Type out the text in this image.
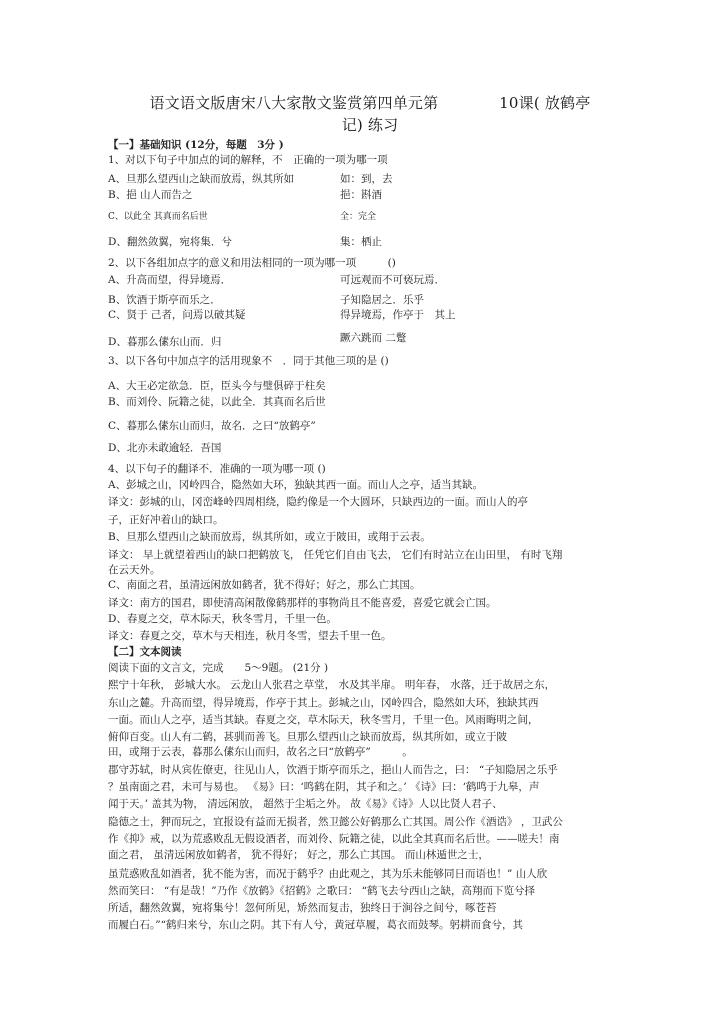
语文语文版唐宋八大家散文鉴赏第四单元第　　　　10课( 放鹤亭
记) 练习
【一】基础知识 (12分，每题　3分 )
1、对以下句子中加点的词的解释，不　正确的一项为哪一项
A、旦那么望西山之缺而放焉，纵其所如	如：到，去
B、挹 山人而告之	挹：斟酒
C、以此全 其真而名后世	全：完全
D、翻然敛翼，宛将集．兮	集：栖止
2、以下各组加点字的意义和用法相同的一项为哪一项　　　()
A、升高而望，得异境焉．	可远观而不可亵玩焉．
B、饮酒于斯亭而乐之．	子知隐居之．乐乎
C、贤于 己者，问焉以破其疑	得异境焉，作亭于　其上
D、暮那么傃东山而．归	蹶六跳而 二蹩
3、以下各句中加点字的活用现象不　．同于其他三项的是 ()
A、大王必定欲急．臣，臣头今与璧俱碎于柱矣
B、而刘伶、阮籍之徒，以此全．其真而名后世
C、暮那么傃东山而归，故名．之曰“放鹤亭”
D、北亦未敢逾轻．吾国
4、以下句子的翻译不．准确的一项为哪一项 ()
A、彭城之山，冈岭四合，隐然如大环，独缺其西一面。而山人之亭，适当其缺。
译文：彭城的山，冈峦峰岭四周相绕，隐约像是一个大圆环，只缺西边的一面。而山人的亭
子，正好冲着山的缺口。
B、旦那么望西山之缺而放焉，纵其所如，或立于陂田，或翔于云表。
译文： 早上就望着西山的缺口把鹤放飞， 任凭它们自由飞去， 它们有时站立在山田里， 有时飞翔
在云天外。
C、南面之君，虽清远闲放如鹤者，犹不得好；好之，那么亡其国。
译文：南方的国君，即使清高闲散像鹤那样的事物尚且不能喜爱，喜爱它就会亡国。
D、春夏之交，草木际天，秋冬雪月，千里一色。
译文：春夏之交，草木与天相连，秋月冬雪，望去千里一色。
【二】文本阅读
阅读下面的文言文，完成　　5～9题。 (21分 )
熙宁十年秋， 彭城大水。 云龙山人张君之草堂， 水及其半扉。 明年春， 水落，迁于故居之东，
东山之麓。升高而望，得异境焉，作亭于其上。彭城之山，冈岭四合，隐然如大环，独缺其西
一面。而山人之亭，适当其缺。春夏之交，草木际天，秋冬雪月，千里一色。风雨晦明之间，
俯仰百变。山人有二鹤，甚驯而善飞。旦那么望西山之缺而放焉，纵其所如，或立于陂
田，或翔于云表，暮那么傃东山而归，故名之曰“放鹤亭”　　　。
郡守苏轼，时从宾佐僚吏，往见山人，饮酒于斯亭而乐之，挹山人而告之，曰： “子知隐居之乐乎
？虽南面之君，未可与易也。 《易》曰：‘鸣鹤在阴，其子和之。’ 《诗》曰：‘鹤鸣于九皋，声
闻于天。’ 盖其为物， 清远闲放， 超然于尘垢之外。 故《易》《诗》人以比贤人君子、
隐德之士，狎而玩之，宜报设有益而无损者，然卫懿公好鹤那么亡其国。周公作《酒诰》 ，卫武公
作《抑》戒，以为荒惑败乱无假设酒者，而刘伶、阮籍之徒，以此全其真而名后世。——嗟夫！南
面之君， 虽清远闲放如鹤者， 犹不得好； 好之，那么亡其国。 而山林遁世之士，
虽荒惑败乱如酒者，犹不能为害，而况于鹤乎？由此观之，其为乐未能够同日而语也！” 山人欣
然而笑曰： “有是哉！”乃作《放鹤》《招鹤》之歌曰： “鹤飞去兮西山之缺，高翔而下览兮择
所适，翻然敛翼，宛将集兮！忽何所见，矫然而复击，独终日于涧谷之间兮，啄苍苔
而履白石。”“鹤归来兮，东山之阴。其下有人兮，黄冠草履，葛衣而鼓琴。躬耕而食兮，其
